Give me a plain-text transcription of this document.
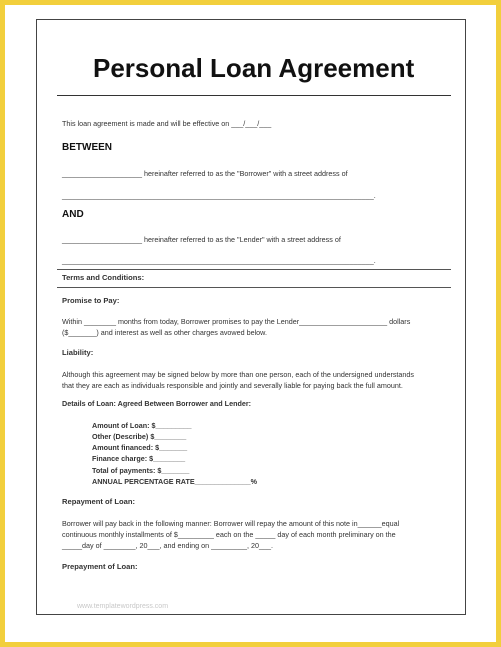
Personal Loan Agreement
This loan agreement is made and will be effective on ___/___/___
BETWEEN
____________________ hereinafter referred to as the "Borrower" with a street address of
______________________________________________________________________________.
AND
____________________ hereinafter referred to as the "Lender" with a street address of
______________________________________________________________________________.
Terms and Conditions:
Promise to Pay:
Within ________ months from today, Borrower promises to pay the Lender______________________ dollars
($_______) and interest as well as other charges avowed below.
Liability:
Although this agreement may be signed below by more than one person, each of the undersigned understands
that they are each as individuals responsible and jointly and severally liable for paying back the full amount.
Details of Loan: Agreed Between Borrower and Lender:
Amount of Loan: $_________
Other (Describe) $________
Amount financed: $_______
Finance charge: $________
Total of payments: $_______
ANNUAL PERCENTAGE RATE______________%
Repayment of Loan:
Borrower will pay back in the following manner: Borrower will repay the amount of this note in______equal
continuous monthly installments of $_________ each on the _____ day of each month preliminary on the
_____day of ________, 20___, and ending on _________, 20___.
Prepayment of Loan:
www.templatewordpress.com
